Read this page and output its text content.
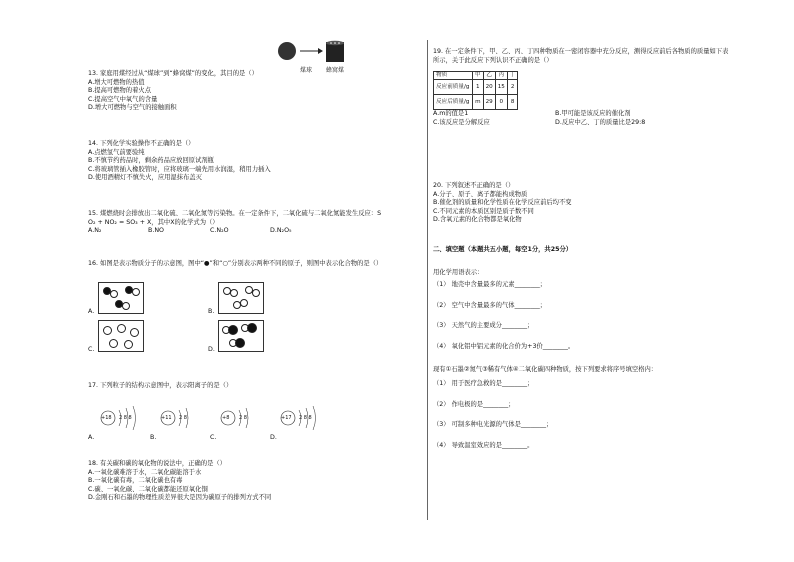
煤球 蜂窝煤
13. 家庭用煤经过从“煤球”到“蜂窝煤”的变化，其目的是（）
A.增大可燃物的热值
B.提高可燃物的着火点
C.提高空气中氧气的含量
D.增大可燃物与空气的接触面积
14. 下列化学实验操作不正确的是（）
A.点燃氢气前要验纯
B.不慎节约药品时，剩余药品应放回原试剂瓶
C.将玻璃管插入橡胶管时，应将玻璃一端先用水润湿，稍用力插入
D.使用酒精灯不慎失火，应用湿抹布盖灭
15. 煤燃烧时会排放出二氧化硫、二氧化氮等污染物。在一定条件下，二氧化硫与二氧化氮能发生反应：S
O₂ + NO₂ = SO₃ + X，其中X的化学式为（）
A.N₂	B.NO	C.N₂O	D.N₂O₅
16. 如图是表示物质分子的示意图，图中“●”和“○”分别表示两种不同的原子，则图中表示化合物的是（）
A.	B.
C.	D.
17. 下列粒子的结构示意图中，表示阳离子的是（）
+18 2 8 8
A.
+11 2 8
B.
+8 2 8
C.
+17 2 8 8
D.
18. 有关碳和碳的氧化物的说法中，正确的是（）
A.一氧化碳难溶于水，二氧化碳能溶于水
B.一氧化碳有毒，二氧化碳也有毒
C.碳、一氧化碳、二氧化碳都能还原氧化铜
D.金刚石和石墨的物理性质差异很大是因为碳原子的排列方式不同
19. 在一定条件下，甲、乙、丙、丁四种物质在一密闭容器中充分反应，测得反应前后各物质的质量如下表
所示，关于此反应下列认识不正确的是（）
物质	甲	乙	丙	丁
反应前质量/g	1	20	15	2
反应后质量/g	m	29	0	8
A.m的值是1	B.甲可能是该反应的催化剂
C.该反应是分解反应	D.反应中乙、丁的质量比是29:8
20. 下列叙述不正确的是（）
A.分子、原子、离子都能构成物质
B.催化剂的质量和化学性质在化学反应前后均不变
C.不同元素的本质区别是质子数不同
D.含氧元素的化合物都是氧化物
二、填空题（本题共五小题，每空1分，共25分）
用化学用语表示：
（1） 地壳中含量最多的元素________；
（2） 空气中含量最多的气体________；
（3） 天然气的主要成分________；
（4） 氧化铝中铝元素的化合价为+3价________。
现有①石墨②氮气③稀有气体④二氧化碳四种物质，按下列要求将序号填空格内：
（1） 用于医疗急救的是________；
（2） 作电极的是________；
（3） 可制多种电光源的气体是________；
（4） 导致温室效应的是________。
